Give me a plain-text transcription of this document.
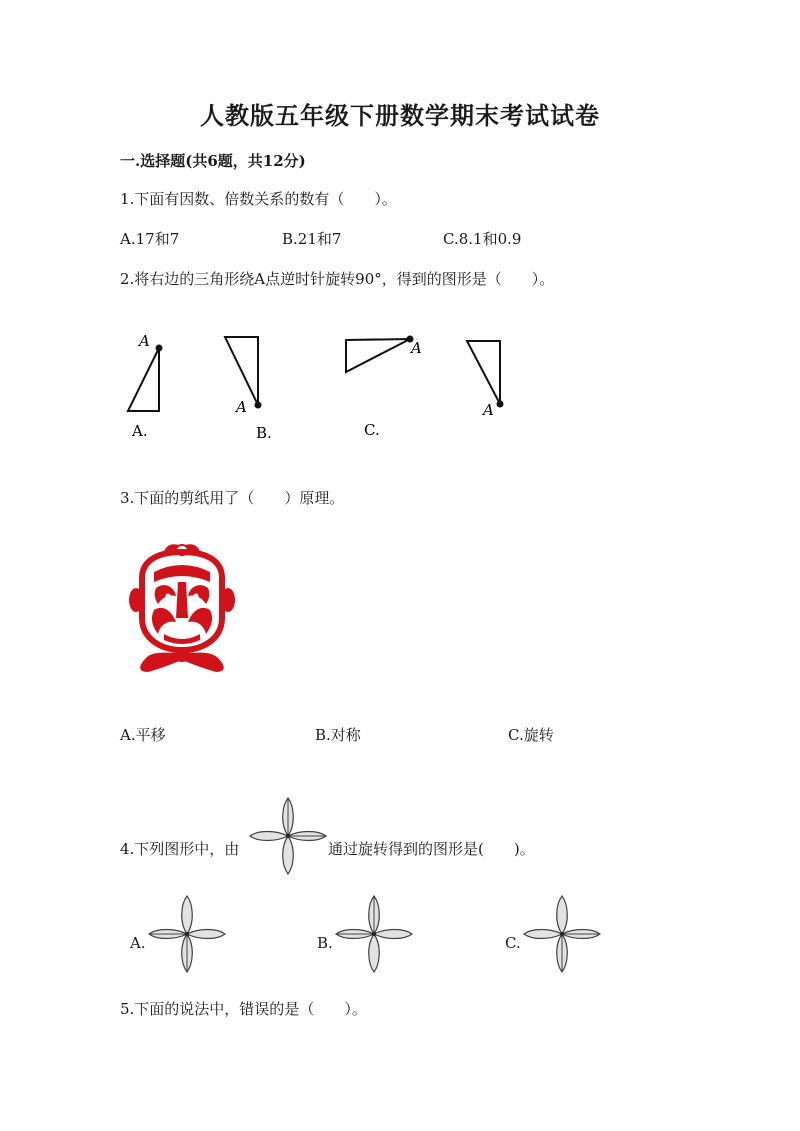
人教版五年级下册数学期末考试试卷
一.选择题(共6题，共12分)
1.下面有因数、倍数关系的数有（　　）。
A.17和7	B.21和7	C.8.1和0.9
2.将右边的三角形绕A点逆时针旋转90°，得到的图形是（　　）。
A
A.
A
B.
A
C.
A
3.下面的剪纸用了（　　）原理。
A.平移	B.对称	C.旋转
4.下列图形中，由	通过旋转得到的图形是(　　)。
A.	B.	C.
5.下面的说法中，错误的是（　　）。
